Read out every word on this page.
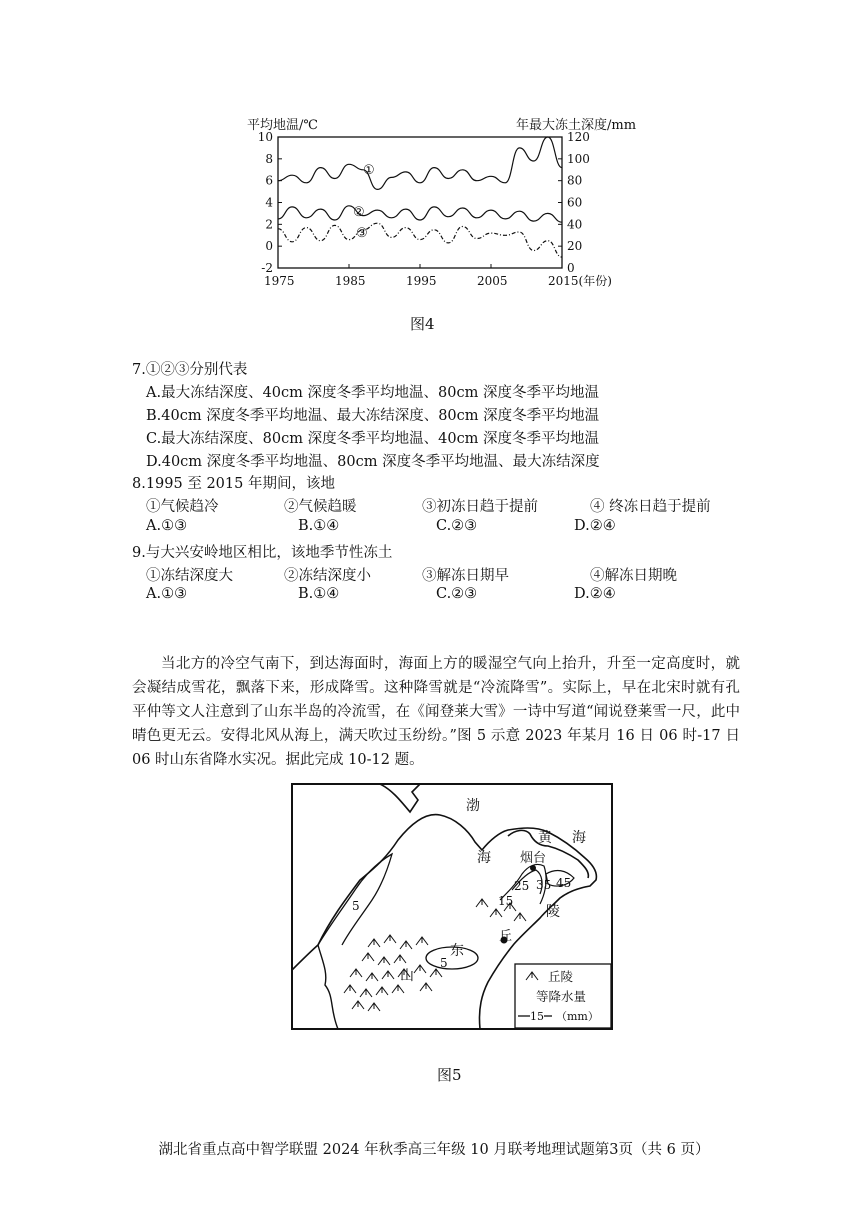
平均地温/℃	年最大冻土深度/mm
10
8
6
4
2
0
-2
120
100
80
60
40
20
0
1975	1985	1995	2005	2015(年份)
①
②
③
图4
7.①②③分别代表
A.最大冻结深度、40cm 深度冬季平均地温、80cm 深度冬季平均地温
B.40cm 深度冬季平均地温、最大冻结深度、80cm 深度冬季平均地温
C.最大冻结深度、80cm 深度冬季平均地温、40cm 深度冬季平均地温
D.40cm 深度冬季平均地温、80cm 深度冬季平均地温、最大冻结深度
8.1995 至 2015 年期间，该地
①气候趋冷	②气候趋暖	③初冻日趋于提前	④ 终冻日趋于提前
A.①③	B.①④	C.②③	D.②④
9.与大兴安岭地区相比，该地季节性冻土
①冻结深度大	②冻结深度小	③解冻日期早	④解冻日期晚
A.①③	B.①④	C.②③	D.②④
当北方的冷空气南下，到达海面时，海面上方的暖湿空气向上抬升，升至一定高度时，就会凝结成雪花，飘落下来，形成降雪。这种降雪就是“冷流降雪”。实际上，早在北宋时就有孔平仲等文人注意到了山东半岛的冷流雪，在《闻登莱大雪》一诗中写道“闻说登莱雪一尺，此中晴色更无云。安得北风从海上，满天吹过玉纷纷。”图 5 示意 2023 年某月 16 日 06 时-17 日 06 时山东省降水实况。据此完成 10-12 题。
渤
海
黄 海
烟台
陵
丘
东
山
5
5
15
25 35 45
丘陵
等降水量
15 （mm）
图5
湖北省重点高中智学联盟 2024 年秋季高三年级 10 月联考地理试题第3页（共 6 页）
